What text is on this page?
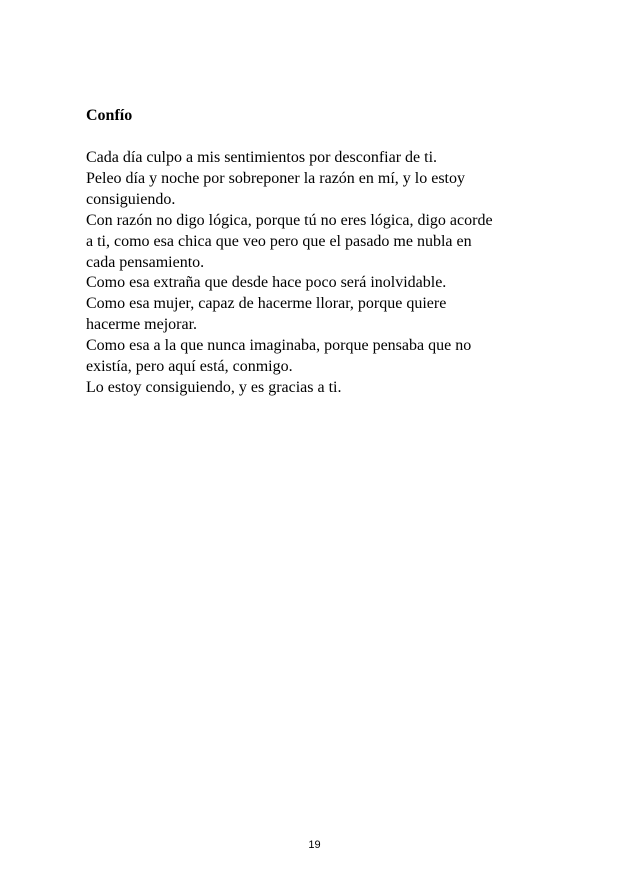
Confío
Cada día culpo a mis sentimientos por desconfiar de ti.
Peleo día y noche por sobreponer la razón en mí, y lo estoy
consiguiendo.
Con razón no digo lógica, porque tú no eres lógica, digo acorde
a ti, como esa chica que veo pero que el pasado me nubla en
cada pensamiento.
Como esa extraña que desde hace poco será inolvidable.
Como esa mujer, capaz de hacerme llorar, porque quiere
hacerme mejorar.
Como esa a la que nunca imaginaba, porque pensaba que no
existía, pero aquí está, conmigo.
Lo estoy consiguiendo, y es gracias a ti.

19
